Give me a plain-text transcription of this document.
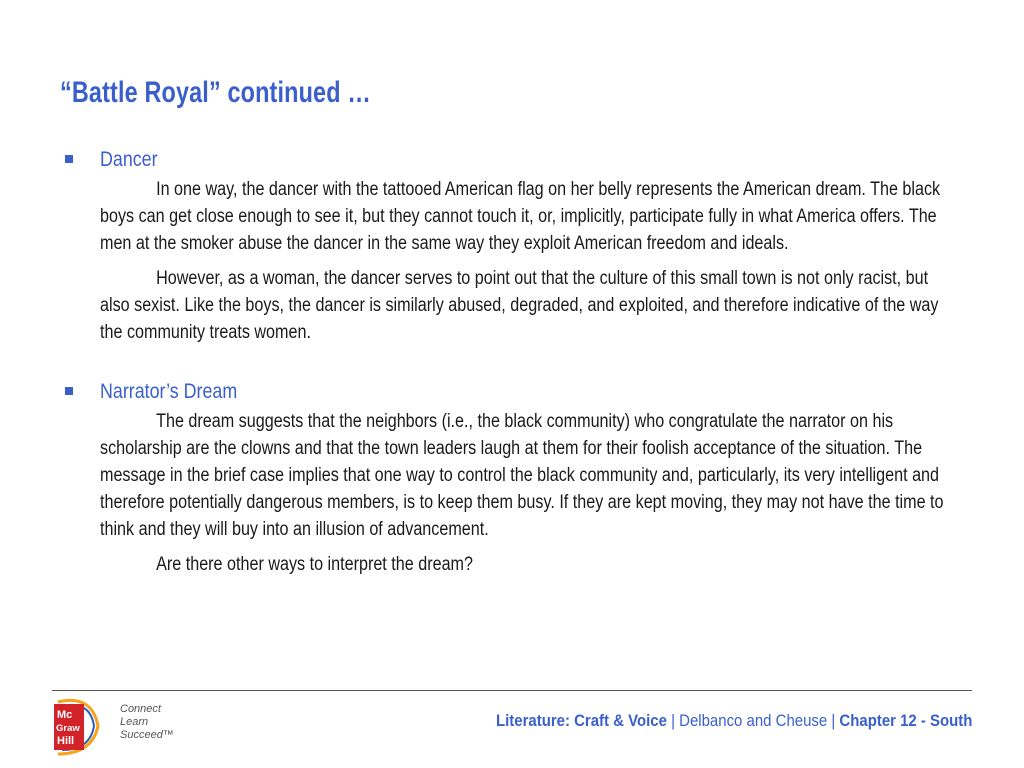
“Battle Royal” continued …
Dancer

In one way, the dancer with the tattooed American flag on her belly represents the American dream. The black boys can get close enough to see it, but they cannot touch it, or, implicitly, participate fully in what America offers. The men at the smoker abuse the dancer in the same way they exploit American freedom and ideals.

However, as a woman, the dancer serves to point out that the culture of this small town is not only racist, but also sexist. Like the boys, the dancer is similarly abused, degraded, and exploited, and therefore indicative of the way the community treats women.

Narrator’s Dream

The dream suggests that the neighbors (i.e., the black community) who congratulate the narrator on his scholarship are the clowns and that the town leaders laugh at them for their foolish acceptance of the situation. The message in the brief case implies that one way to control the black community and, particularly, its very intelligent and therefore potentially dangerous members, is to keep them busy. If they are kept moving, they may not have the time to think and they will buy into an illusion of advancement.

Are there other ways to interpret the dream?

Mc
Graw
Hill
Connect
Learn
Succeed™
Literature: Craft & Voice | Delbanco and Cheuse | Chapter 12 - South
